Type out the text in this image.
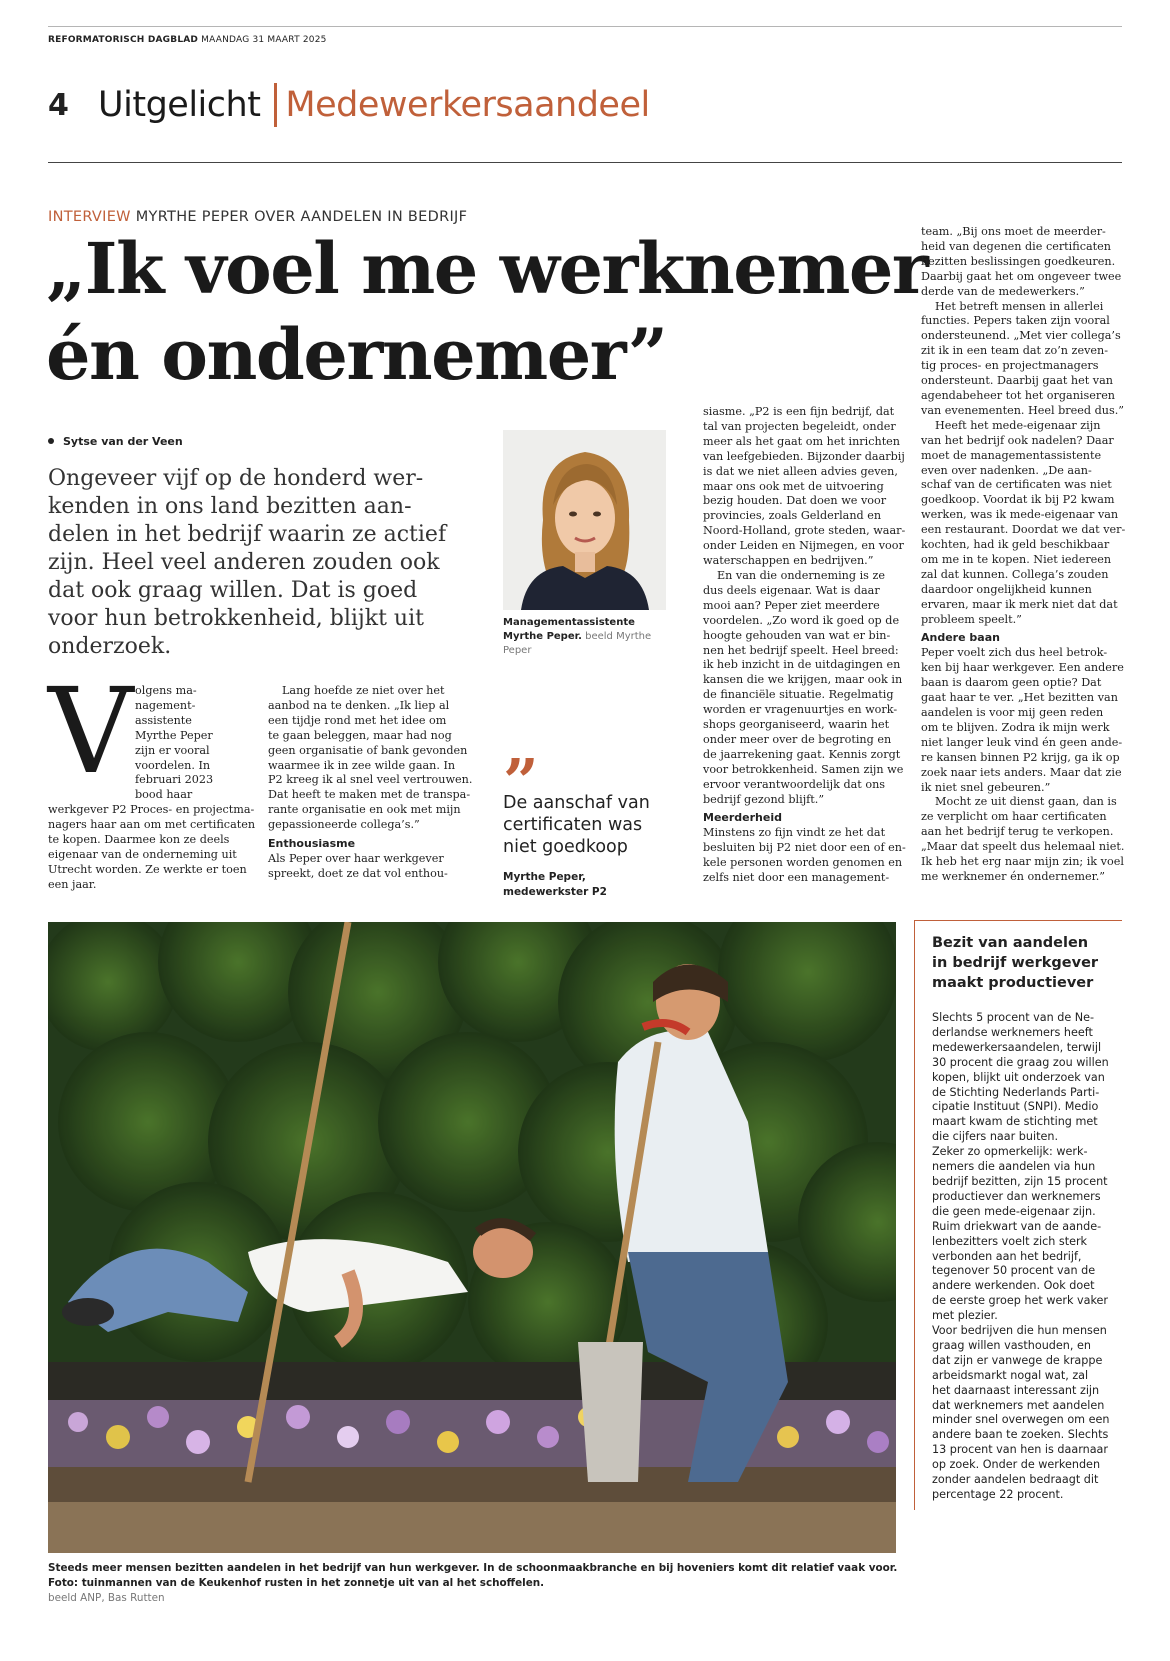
REFORMATORISCH DAGBLAD MAANDAG 31 MAART 2025
4 Uitgelicht Medewerkersaandeel
INTERVIEW MYRTHE PEPER OVER AANDELEN IN BEDRIJF
„Ik voel me werknemer
én ondernemer”
Sytse van der Veen
Ongeveer vijf op de honderd wer-
kenden in ons land bezitten aan-
delen in het bedrijf waarin ze actief
zijn. Heel veel anderen zouden ook
dat ook graag willen. Dat is goed
voor hun betrokkenheid, blijkt uit
onderzoek.
V olgens ma-
nagement-
assistente
Myrthe Peper
zijn er vooral
voordelen. In
februari 2023
bood haar
werkgever P2 Proces- en projectma-
nagers haar aan om met certificaten
te kopen. Daarmee kon ze deels
eigenaar van de onderneming uit
Utrecht worden. Ze werkte er toen
een jaar.
Lang hoefde ze niet over het
aanbod na te denken. „Ik liep al
een tijdje rond met het idee om
te gaan beleggen, maar had nog
geen organisatie of bank gevonden
waarmee ik in zee wilde gaan. In
P2 kreeg ik al snel veel vertrouwen.
Dat heeft te maken met de transpa-
rante organisatie en ook met mijn
gepassioneerde collega’s.”
Enthousiasme
Als Peper over haar werkgever
spreekt, doet ze dat vol enthou-
Managementassistente
Myrthe Peper. beeld Myrthe
Peper
”
De aanschaf van
certificaten was
niet goedkoop
Myrthe Peper,
medewerkster P2
siasme. „P2 is een fijn bedrijf, dat
tal van projecten begeleidt, onder
meer als het gaat om het inrichten
van leefgebieden. Bijzonder daarbij
is dat we niet alleen advies geven,
maar ons ook met de uitvoering
bezig houden. Dat doen we voor
provincies, zoals Gelderland en
Noord-Holland, grote steden, waar-
onder Leiden en Nijmegen, en voor
waterschappen en bedrijven.”
En van die onderneming is ze
dus deels eigenaar. Wat is daar
mooi aan? Peper ziet meerdere
voordelen. „Zo word ik goed op de
hoogte gehouden van wat er bin-
nen het bedrijf speelt. Heel breed:
ik heb inzicht in de uitdagingen en
kansen die we krijgen, maar ook in
de financiële situatie. Regelmatig
worden er vragenuurtjes en work-
shops georganiseerd, waarin het
onder meer over de begroting en
de jaarrekening gaat. Kennis zorgt
voor betrokkenheid. Samen zijn we
ervoor verantwoordelijk dat ons
bedrijf gezond blijft.”
Meerderheid
Minstens zo fijn vindt ze het dat
besluiten bij P2 niet door een of en-
kele personen worden genomen en
zelfs niet door een management-
team. „Bij ons moet de meerder-
heid van degenen die certificaten
bezitten beslissingen goedkeuren.
Daarbij gaat het om ongeveer twee
derde van de medewerkers.”
Het betreft mensen in allerlei
functies. Pepers taken zijn vooral
ondersteunend. „Met vier collega’s
zit ik in een team dat zo’n zeven-
tig proces- en projectmanagers
ondersteunt. Daarbij gaat het van
agendabeheer tot het organiseren
van evenementen. Heel breed dus.”
Heeft het mede-eigenaar zijn
van het bedrijf ook nadelen? Daar
moet de managementassistente
even over nadenken. „De aan-
schaf van de certificaten was niet
goedkoop. Voordat ik bij P2 kwam
werken, was ik mede-eigenaar van
een restaurant. Doordat we dat ver-
kochten, had ik geld beschikbaar
om me in te kopen. Niet iedereen
zal dat kunnen. Collega’s zouden
daardoor ongelijkheid kunnen
ervaren, maar ik merk niet dat dat
probleem speelt.”
Andere baan
Peper voelt zich dus heel betrok-
ken bij haar werkgever. Een andere
baan is daarom geen optie? Dat
gaat haar te ver. „Het bezitten van
aandelen is voor mij geen reden
om te blijven. Zodra ik mijn werk
niet langer leuk vind én geen ande-
re kansen binnen P2 krijg, ga ik op
zoek naar iets anders. Maar dat zie
ik niet snel gebeuren.”
Mocht ze uit dienst gaan, dan is
ze verplicht om haar certificaten
aan het bedrijf terug te verkopen.
„Maar dat speelt dus helemaal niet.
Ik heb het erg naar mijn zin; ik voel
me werknemer én ondernemer.”
Steeds meer mensen bezitten aandelen in het bedrijf van hun werkgever. In de schoonmaakbranche en bij hoveniers komt dit relatief vaak voor.
Foto: tuinmannen van de Keukenhof rusten in het zonnetje uit van al het schoffelen.
beeld ANP, Bas Rutten
Bezit van aandelen
in bedrijf werkgever
maakt productiever
Slechts 5 procent van de Ne-
derlandse werknemers heeft
medewerkersaandelen, terwijl
30 procent die graag zou willen
kopen, blijkt uit onderzoek van
de Stichting Nederlands Parti-
cipatie Instituut (SNPI). Medio
maart kwam de stichting met
die cijfers naar buiten.
Zeker zo opmerkelijk: werk-
nemers die aandelen via hun
bedrijf bezitten, zijn 15 procent
productiever dan werknemers
die geen mede-eigenaar zijn.
Ruim driekwart van de aande-
lenbezitters voelt zich sterk
verbonden aan het bedrijf,
tegenover 50 procent van de
andere werkenden. Ook doet
de eerste groep het werk vaker
met plezier.
Voor bedrijven die hun mensen
graag willen vasthouden, en
dat zijn er vanwege de krappe
arbeidsmarkt nogal wat, zal
het daarnaast interessant zijn
dat werknemers met aandelen
minder snel overwegen om een
andere baan te zoeken. Slechts
13 procent van hen is daarnaar
op zoek. Onder de werkenden
zonder aandelen bedraagt dit
percentage 22 procent.
